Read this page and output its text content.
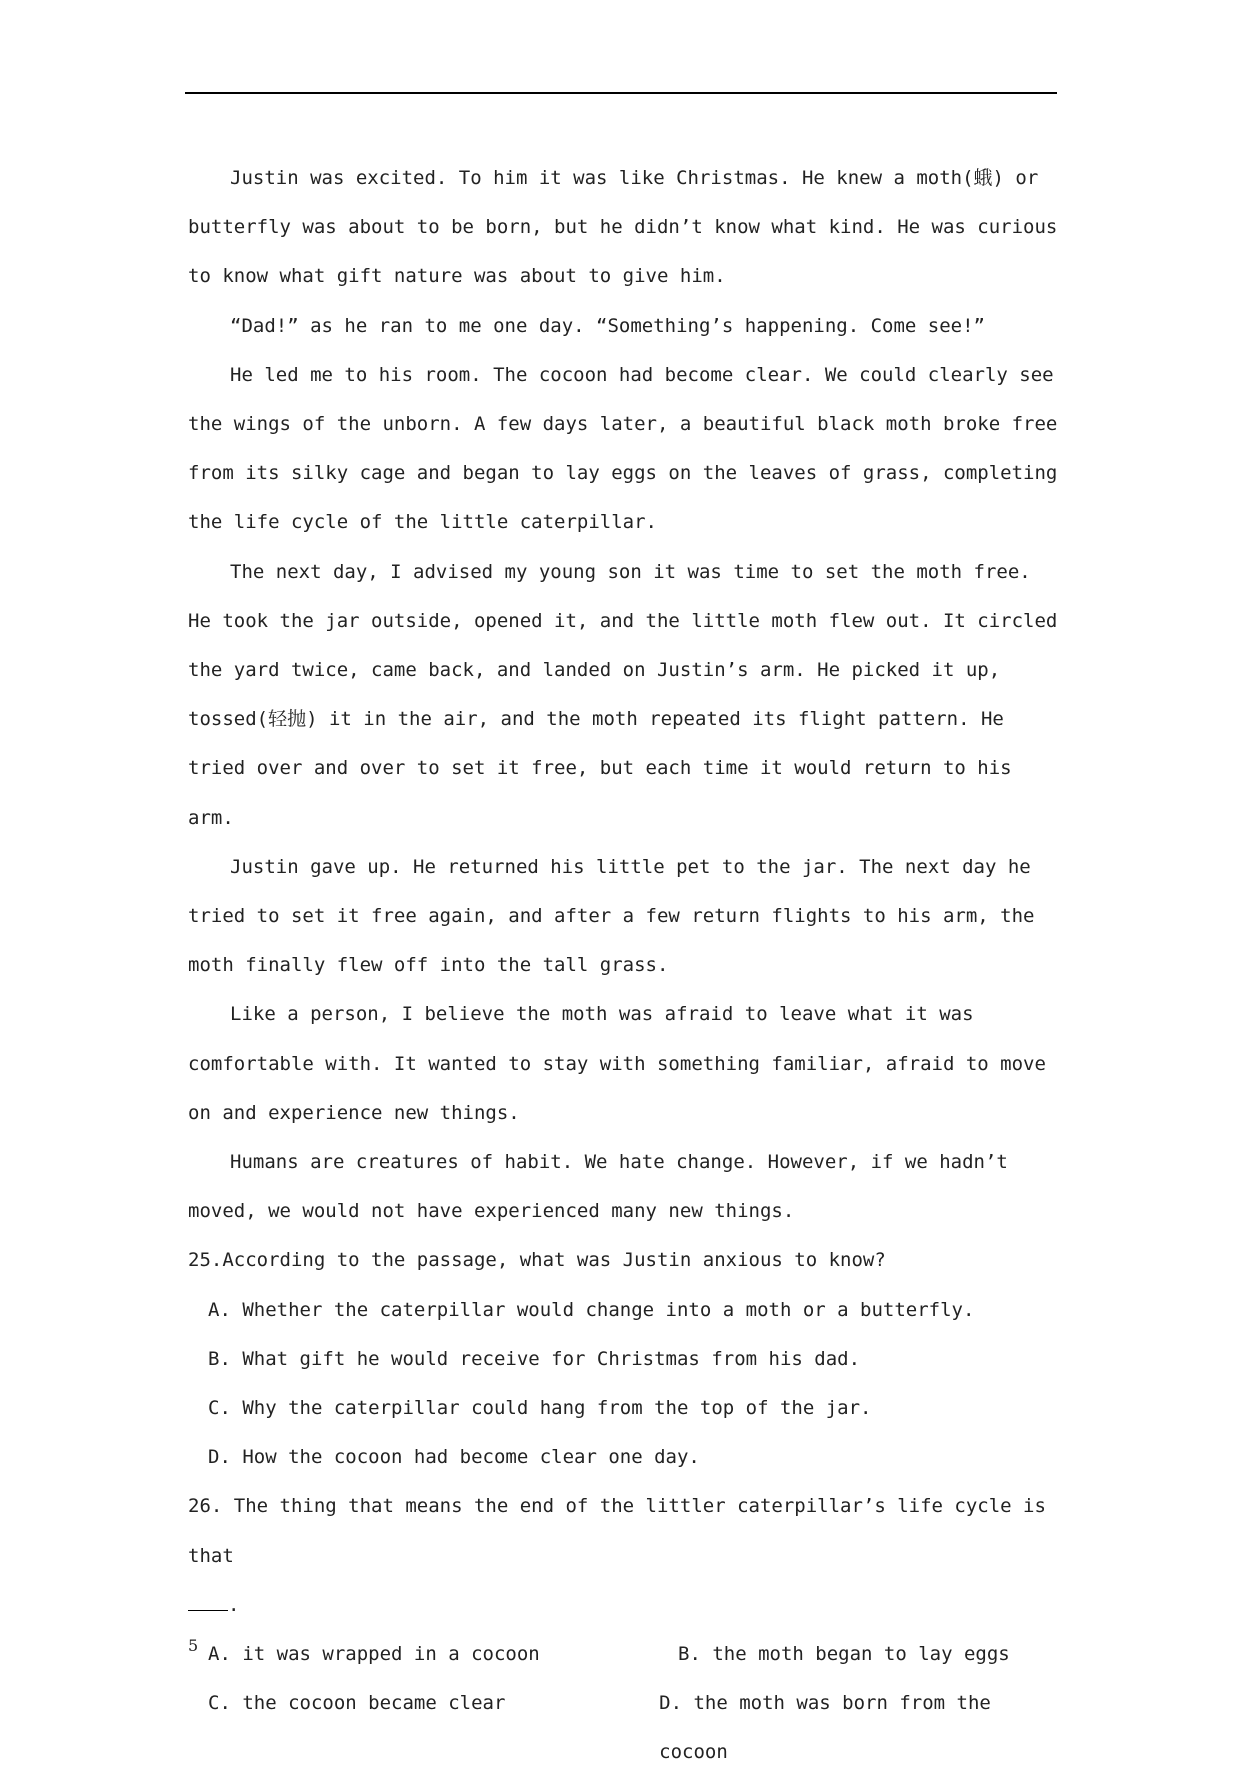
Justin was excited. To him it was like Christmas. He knew a moth(蛾) or butterfly was about to be born, but he didn’t know what kind. He was curious to know what gift nature was about to give him.

“Dad!” as he ran to me one day. “Something’s happening. Come see!”

He led me to his room. The cocoon had become clear. We could clearly see the wings of the unborn. A few days later, a beautiful black moth broke free from its silky cage and began to lay eggs on the leaves of grass, completing the life cycle of the little caterpillar.

The next day, I advised my young son it was time to set the moth free. He took the jar outside, opened it, and the little moth flew out. It circled the yard twice, came back, and landed on Justin’s arm. He picked it up, tossed(轻抛) it in the air, and the moth repeated its flight pattern. He tried over and over to set it free, but each time it would return to his arm.

Justin gave up. He returned his little pet to the jar. The next day he tried to set it free again, and after a few return flights to his arm, the moth finally flew off into the tall grass.

Like a person, I believe the moth was afraid to leave what it was comfortable with. It wanted to stay with something familiar, afraid to move on and experience new things.

Humans are creatures of habit. We hate change. However, if we hadn’t moved, we would not have experienced many new things.

25.According to the passage, what was Justin anxious to know?

A. Whether the caterpillar would change into a moth or a butterfly.

B. What gift he would receive for Christmas from his dad.

C. Why the caterpillar could hang from the top of the jar.

D. How the cocoon had become clear one day.

26. The thing that means the end of the littler caterpillar’s life cycle is that

.

A. it was wrapped in a cocoon	B. the moth began to lay eggs
C. the cocoon became clear	D. the moth was born from the cocoon
5
